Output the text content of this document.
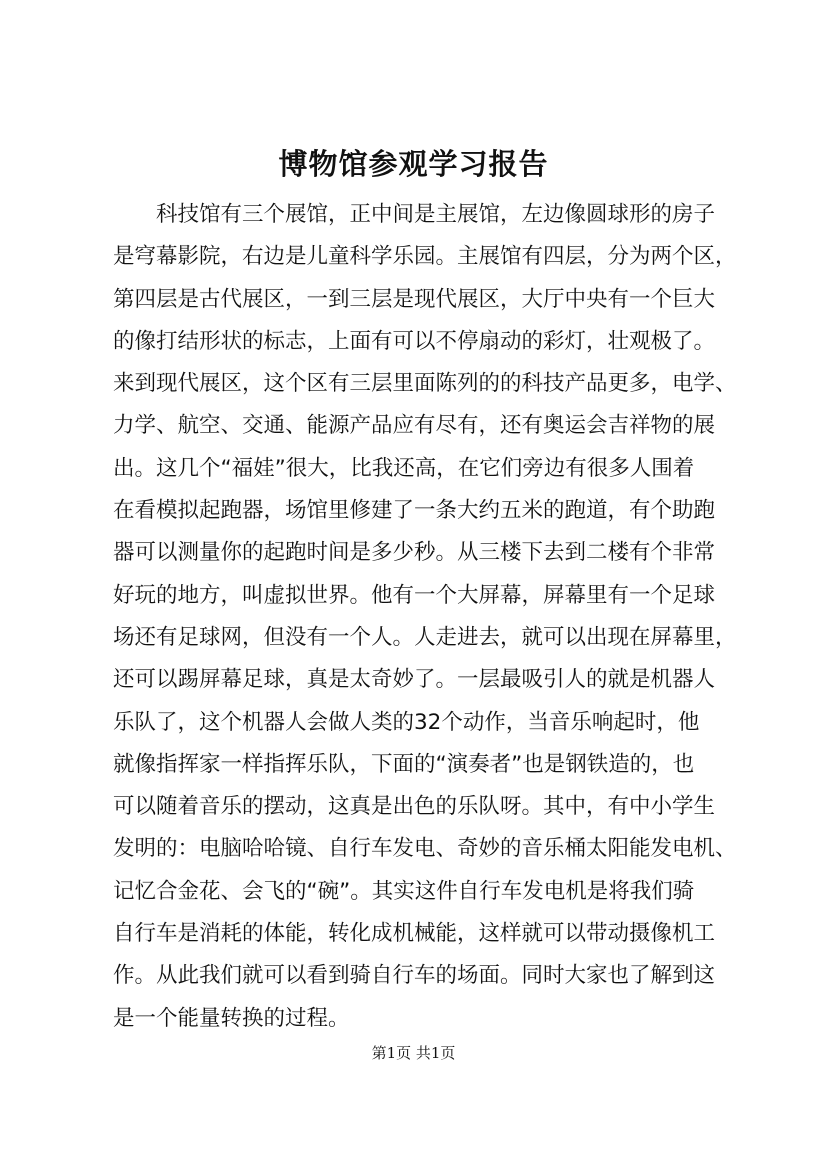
博物馆参观学习报告
科技馆有三个展馆，正中间是主展馆，左边像圆球形的房子
是穹幕影院，右边是儿童科学乐园。主展馆有四层，分为两个区，
第四层是古代展区，一到三层是现代展区，大厅中央有一个巨大
的像打结形状的标志，上面有可以不停扇动的彩灯，壮观极了。
来到现代展区，这个区有三层里面陈列的的科技产品更多，电学、
力学、航空、交通、能源产品应有尽有，还有奥运会吉祥物的展
出。这几个“福娃”很大，比我还高，在它们旁边有很多人围着
在看模拟起跑器，场馆里修建了一条大约五米的跑道，有个助跑
器可以测量你的起跑时间是多少秒。从三楼下去到二楼有个非常
好玩的地方，叫虚拟世界。他有一个大屏幕，屏幕里有一个足球
场还有足球网，但没有一个人。人走进去，就可以出现在屏幕里，
还可以踢屏幕足球，真是太奇妙了。一层最吸引人的就是机器人
乐队了，这个机器人会做人类的32个动作，当音乐响起时，他
就像指挥家一样指挥乐队，下面的“演奏者”也是钢铁造的，也
可以随着音乐的摆动，这真是出色的乐队呀。其中，有中小学生
发明的：电脑哈哈镜、自行车发电、奇妙的音乐桶太阳能发电机、
记忆合金花、会飞的“碗”。其实这件自行车发电机是将我们骑
自行车是消耗的体能，转化成机械能，这样就可以带动摄像机工
作。从此我们就可以看到骑自行车的场面。同时大家也了解到这
是一个能量转换的过程。
第1页 共1页
